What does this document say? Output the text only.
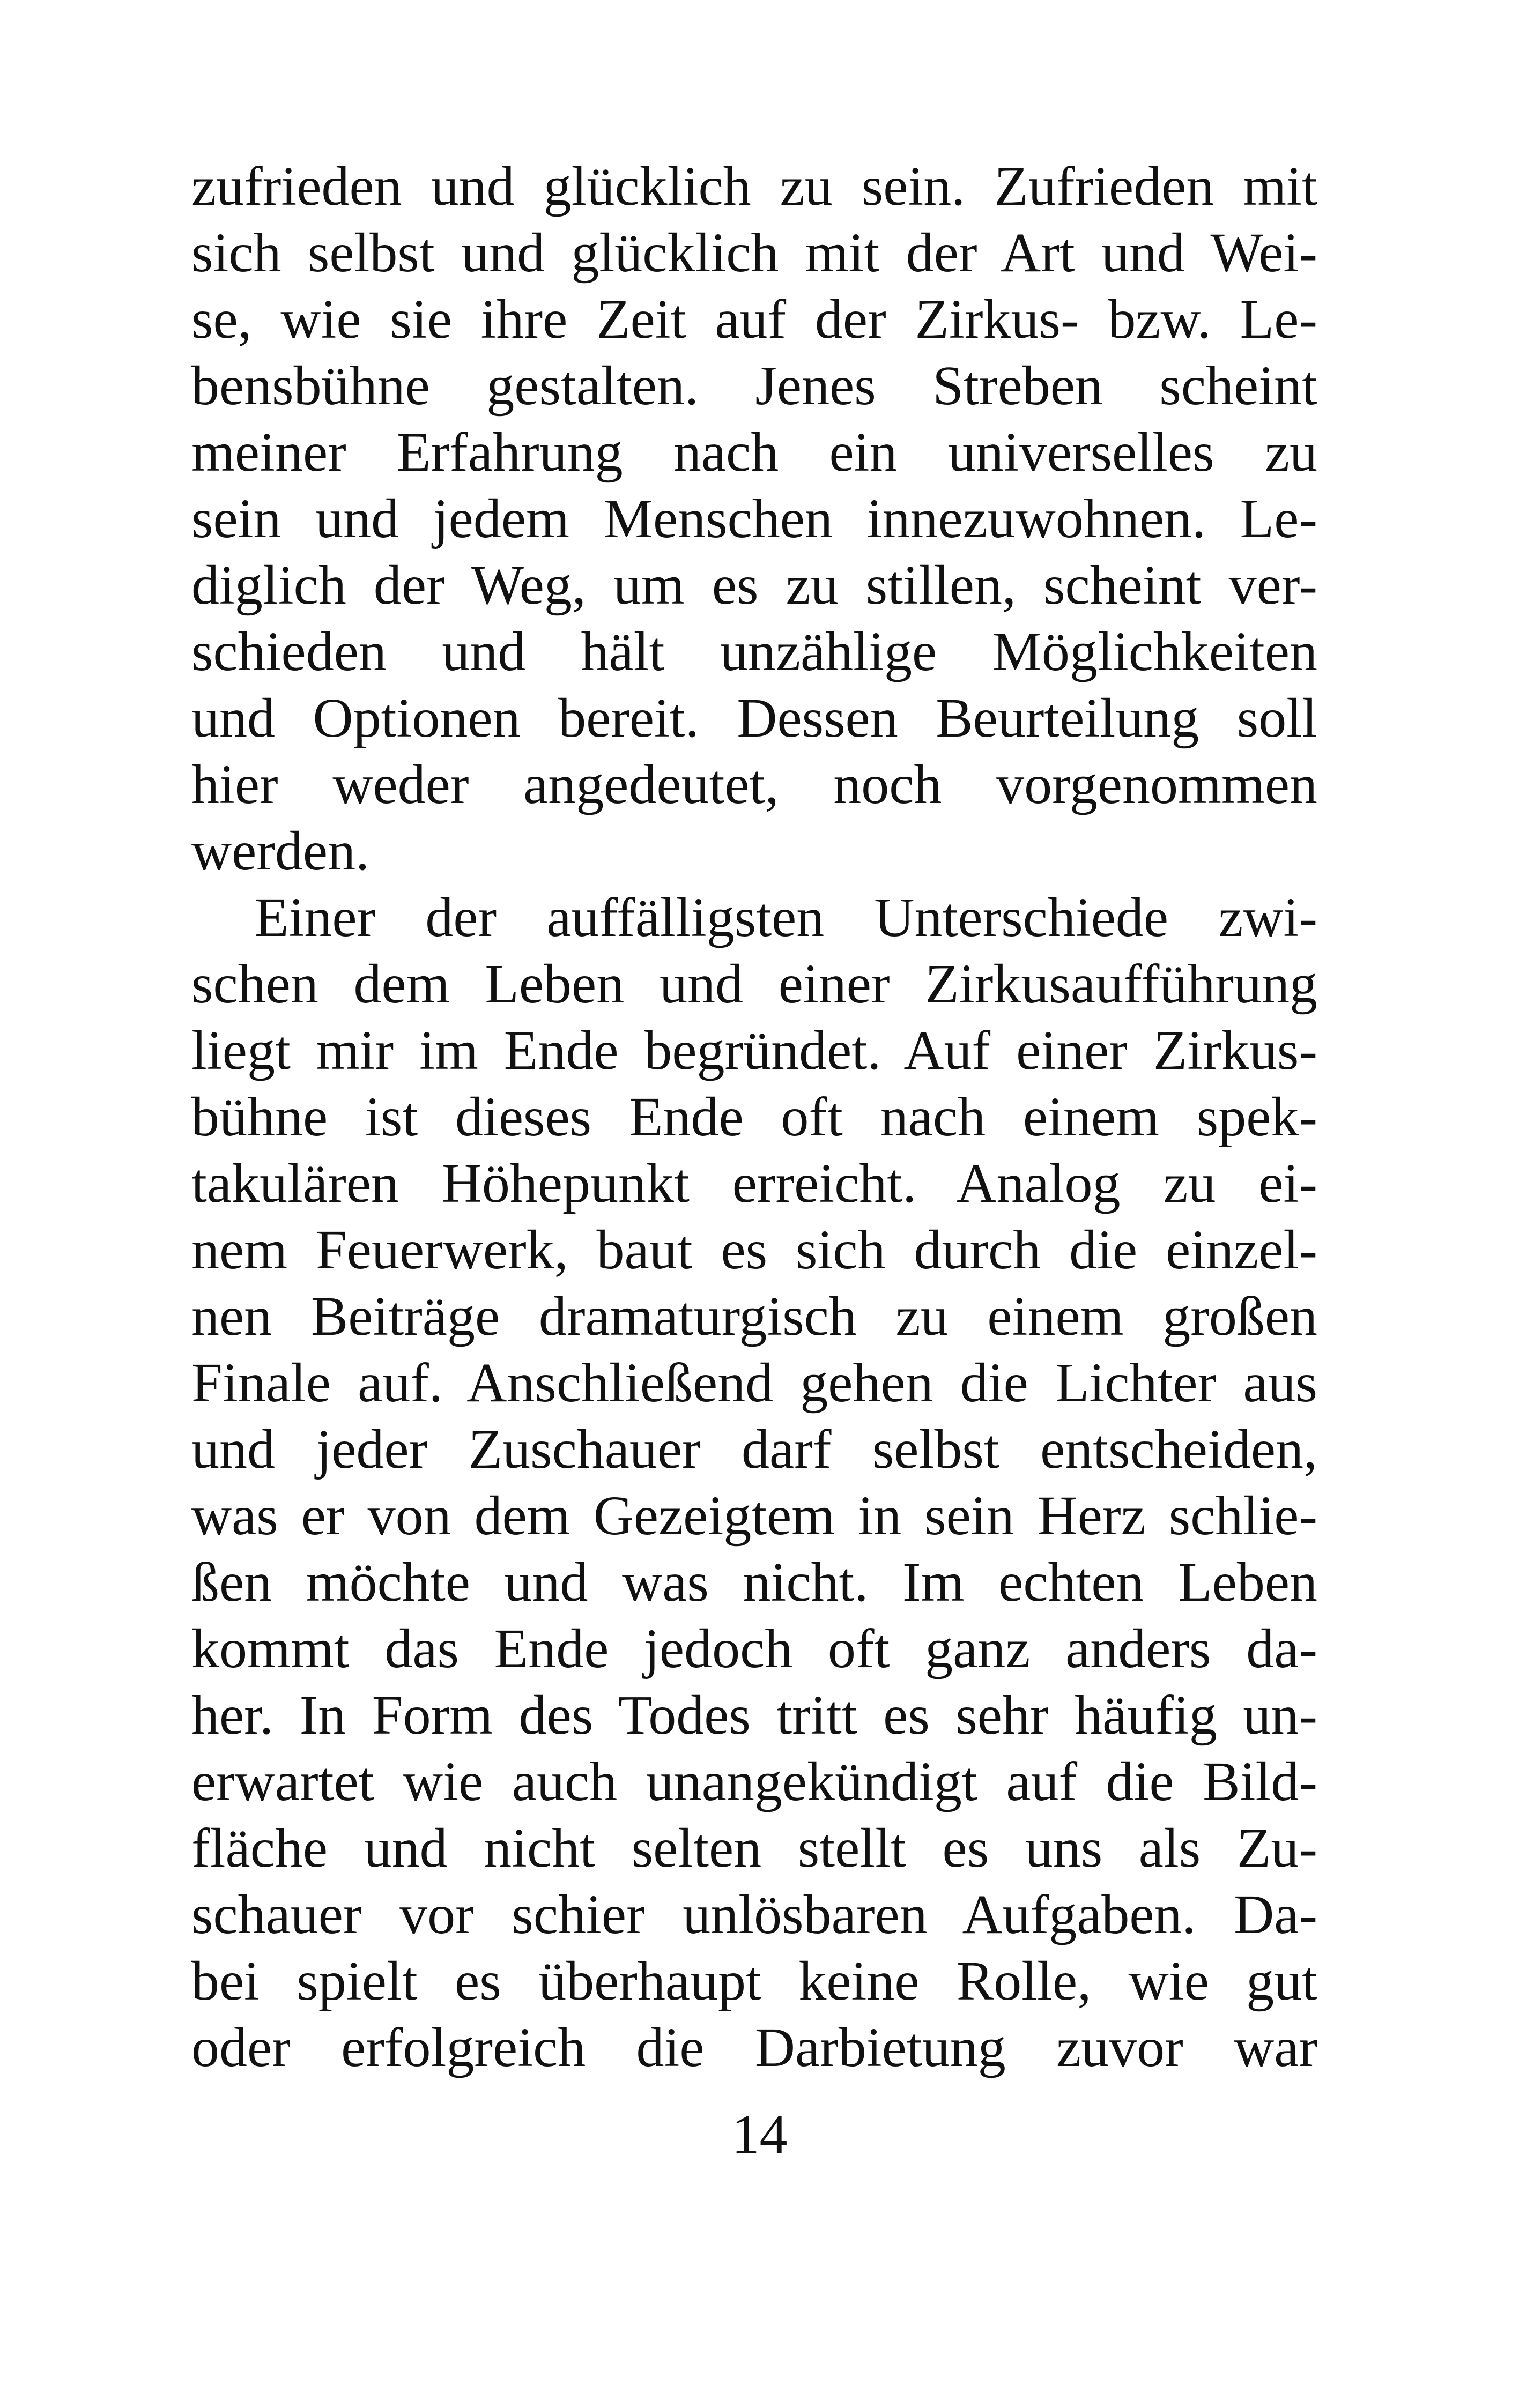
zufrieden und glücklich zu sein. Zufrieden mit
sich selbst und glücklich mit der Art und Wei-
se, wie sie ihre Zeit auf der Zirkus- bzw. Le-
bensbühne gestalten. Jenes Streben scheint
meiner Erfahrung nach ein universelles zu
sein und jedem Menschen innezuwohnen. Le-
diglich der Weg, um es zu stillen, scheint ver-
schieden und hält unzählige Möglichkeiten
und Optionen bereit. Dessen Beurteilung soll
hier weder angedeutet, noch vorgenommen
werden.
Einer der auffälligsten Unterschiede zwi-
schen dem Leben und einer Zirkusaufführung
liegt mir im Ende begründet. Auf einer Zirkus-
bühne ist dieses Ende oft nach einem spek-
takulären Höhepunkt erreicht. Analog zu ei-
nem Feuerwerk, baut es sich durch die einzel-
nen Beiträge dramaturgisch zu einem großen
Finale auf. Anschließend gehen die Lichter aus
und jeder Zuschauer darf selbst entscheiden,
was er von dem Gezeigtem in sein Herz schlie-
ßen möchte und was nicht. Im echten Leben
kommt das Ende jedoch oft ganz anders da-
her. In Form des Todes tritt es sehr häufig un-
erwartet wie auch unangekündigt auf die Bild-
fläche und nicht selten stellt es uns als Zu-
schauer vor schier unlösbaren Aufgaben. Da-
bei spielt es überhaupt keine Rolle, wie gut
oder erfolgreich die Darbietung zuvor war
14
